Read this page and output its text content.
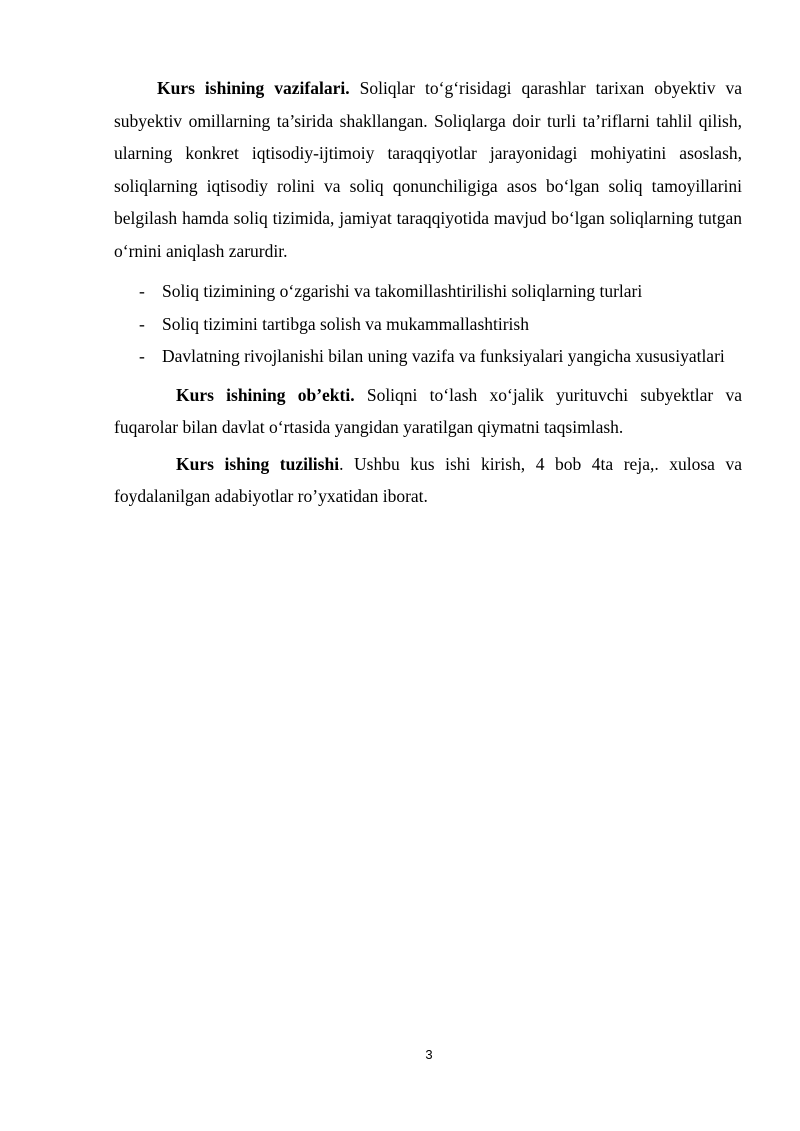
Kurs ishining vazifalari. Soliqlar to‘g‘risidagi qarashlar tarixan obyektiv va subyektiv omillarning ta’sirida shakllangan. Soliqlarga doir turli ta’riflarni tahlil qilish, ularning konkret iqtisodiy-ijtimoiy taraqqiyotlar jarayonidagi mohiyatini asoslash, soliqlarning iqtisodiy rolini va soliq qonunchiligiga asos bo‘lgan soliq tamoyillarini belgilash hamda soliq tizimida, jamiyat taraqqiyotida mavjud bo‘lgan soliqlarning tutgan o‘rnini aniqlash zarurdir.

- Soliq tizimining o‘zgarishi va takomillashtirilishi soliqlarning turlari
- Soliq tizimini tartibga solish va mukammallashtirish
- Davlatning rivojlanishi bilan uning vazifa va funksiyalari yangicha xususiyatlari

Kurs ishining ob’ekti. Soliqni to‘lash xo‘jalik yurituvchi subyektlar va fuqarolar bilan davlat o‘rtasida yangidan yaratilgan qiymatni taqsimlash.

Kurs ishing tuzilishi. Ushbu kus ishi kirish, 4 bob 4ta reja,. xulosa va foydalanilgan adabiyotlar ro’yxatidan iborat.

3
